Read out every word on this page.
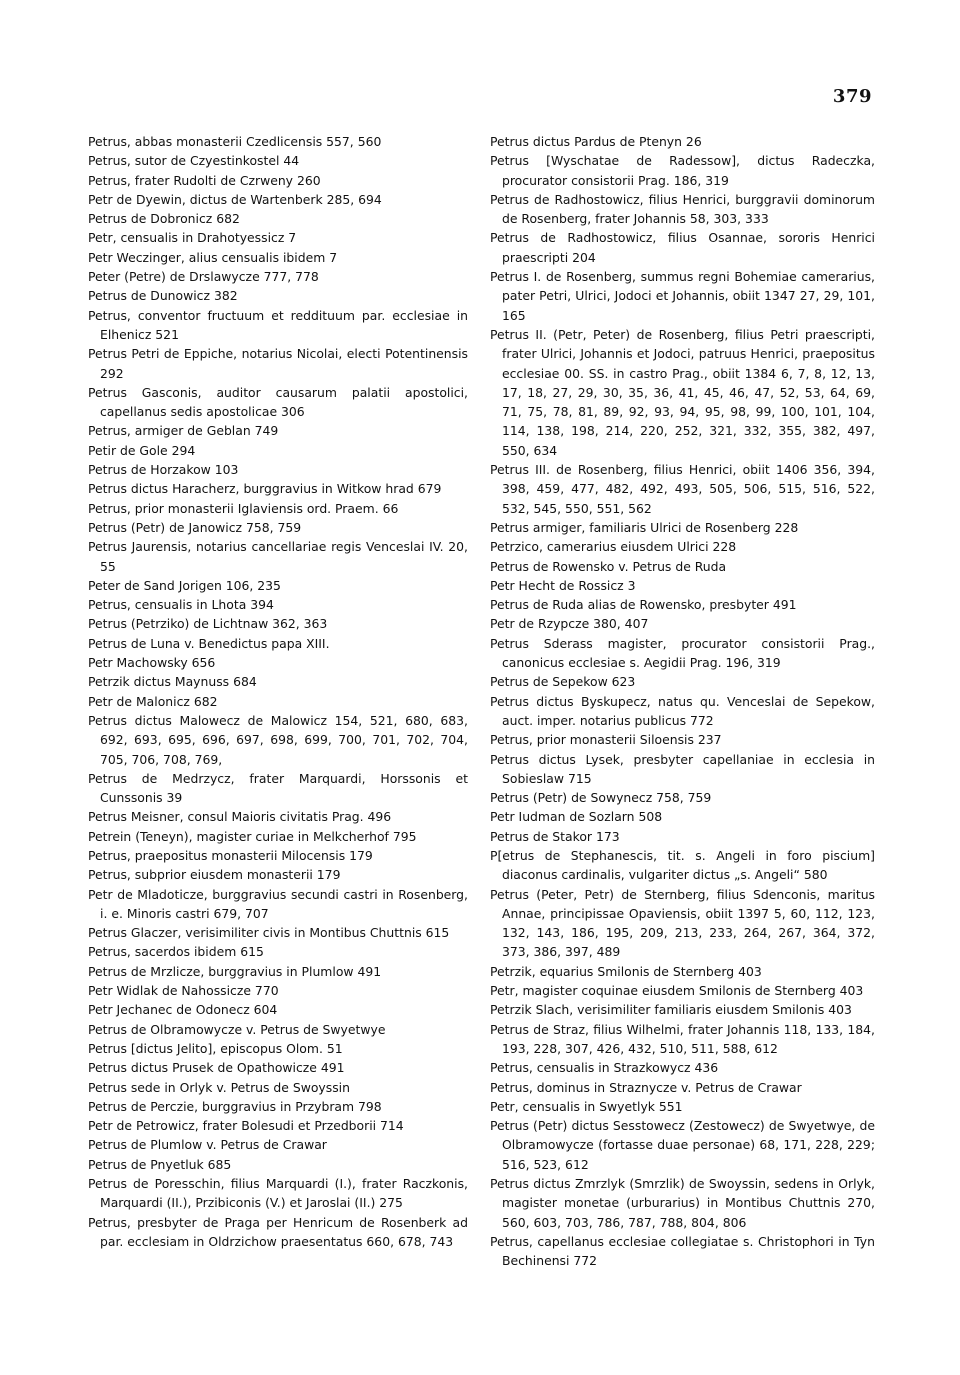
379

Petrus, abbas monasterii Czedlicensis 557, 560

Petrus, sutor de Czyestinkostel 44

Petrus, frater Rudolti de Czrweny 260

Petr de Dyewin, dictus de Wartenberk 285, 694

Petrus de Dobronicz 682

Petr, censualis in Drahotyessicz 7

Petr Weczinger, alius censualis ibidem 7

Peter (Petre) de Drslawycze 777, 778

Petrus de Dunowicz 382

Petrus, conventor fructuum et reddituum par. ecclesiae in Elhenicz 521

Petrus Petri de Eppiche, notarius Nicolai, electi Potentinensis 292

Petrus Gasconis, auditor causarum palatii apostolici, capellanus sedis apostolicae 306

Petrus, armiger de Geblan 749

Petir de Gole 294

Petrus de Horzakow 103

Petrus dictus Haracherz, burggravius in Witkow hrad 679

Petrus, prior monasterii Iglaviensis ord. Praem. 66

Petrus (Petr) de Janowicz 758, 759

Petrus Jaurensis, notarius cancellariae regis Venceslai IV. 20, 55

Peter de Sand Jorigen 106, 235

Petrus, censualis in Lhota 394

Petrus (Petrziko) de Lichtnaw 362, 363

Petrus de Luna v. Benedictus papa XIII.

Petr Machowsky 656

Petrzik dictus Maynuss 684

Petr de Malonicz 682

Petrus dictus Malowecz de Malowicz 154, 521, 680, 683, 692, 693, 695, 696, 697, 698, 699, 700, 701, 702, 704, 705, 706, 708, 769,

Petrus de Medrzycz, frater Marquardi, Horssonis et Cunssonis 39

Petrus Meisner, consul Maioris civitatis Prag. 496

Petrein (Teneyn), magister curiae in Melkcherhof 795

Petrus, praepositus monasterii Milocensis 179

Petrus, subprior eiusdem monasterii 179

Petr de Mladoticze, burggravius secundi castri in Rosenberg, i. e. Minoris castri 679, 707

Petrus Glaczer, verisimiliter civis in Montibus Chuttnis 615

Petrus, sacerdos ibidem 615

Petrus de Mrzlicze, burggravius in Plumlow 491

Petr Widlak de Nahossicze 770

Petr Jechanec de Odonecz 604

Petrus de Olbramowycze v. Petrus de Swyetwye

Petrus [dictus Jelito], episcopus Olom. 51

Petrus dictus Prusek de Opathowicze 491

Petrus sede in Orlyk v. Petrus de Swoyssin

Petrus de Perczie, burggravius in Przybram 798

Petr de Petrowicz, frater Bolesudi et Przedborii 714

Petrus de Plumlow v. Petrus de Crawar

Petrus de Pnyetluk 685

Petrus de Poresschin, filius Marquardi (I.), frater Raczkonis, Marquardi (II.), Przibiconis (V.) et Jaroslai (II.) 275

Petrus, presbyter de Praga per Henricum de Rosenberk ad par. ecclesiam in Oldrzichow praesentatus 660, 678, 743

Petrus dictus Pardus de Ptenyn 26

Petrus [Wyschatae de Radessow], dictus Radeczka, procurator consistorii Prag. 186, 319

Petrus de Radhostowicz, filius Henrici, burggravii dominorum de Rosenberg, frater Johannis 58, 303, 333

Petrus de Radhostowicz, filius Osannae, sororis Henrici praescripti 204

Petrus I. de Rosenberg, summus regni Bohemiae camerarius, pater Petri, Ulrici, Jodoci et Johannis, obiit 1347 27, 29, 101, 165

Petrus II. (Petr, Peter) de Rosenberg, filius Petri praescripti, frater Ulrici, Johannis et Jodoci, patruus Henrici, praepositus ecclesiae 00. SS. in castro Prag., obiit 1384 6, 7, 8, 12, 13, 17, 18, 27, 29, 30, 35, 36, 41, 45, 46, 47, 52, 53, 64, 69, 71, 75, 78, 81, 89, 92, 93, 94, 95, 98, 99, 100, 101, 104, 114, 138, 198, 214, 220, 252, 321, 332, 355, 382, 497, 550, 634

Petrus III. de Rosenberg, filius Henrici, obiit 1406 356, 394, 398, 459, 477, 482, 492, 493, 505, 506, 515, 516, 522, 532, 545, 550, 551, 562

Petrus armiger, familiaris Ulrici de Rosenberg 228

Petrzico, camerarius eiusdem Ulrici 228

Petrus de Rowensko v. Petrus de Ruda

Petr Hecht de Rossicz 3

Petrus de Ruda alias de Rowensko, presbyter 491

Petr de Rzypcze 380, 407

Petrus Sderass magister, procurator consistorii Prag., canonicus ecclesiae s. Aegidii Prag. 196, 319

Petrus de Sepekow 623

Petrus dictus Byskupecz, natus qu. Venceslai de Sepekow, auct. imper. notarius publicus 772

Petrus, prior monasterii Siloensis 237

Petrus dictus Lysek, presbyter capellaniae in ecclesia in Sobieslaw 715

Petrus (Petr) de Sowynecz 758, 759

Petr Iudman de Sozlarn 508

Petrus de Stakor 173

P[etrus de Stephanescis, tit. s. Angeli in foro piscium] diaconus cardinalis, vulgariter dictus „s. Angeli“ 580

Petrus (Peter, Petr) de Sternberg, filius Sdenconis, maritus Annae, principissae Opaviensis, obiit 1397 5, 60, 112, 123, 132, 143, 186, 195, 209, 213, 233, 264, 267, 364, 372, 373, 386, 397, 489

Petrzik, equarius Smilonis de Sternberg 403

Petr, magister coquinae eiusdem Smilonis de Sternberg 403

Petrzik Slach, verisimiliter familiaris eiusdem Smilonis 403

Petrus de Straz, filius Wilhelmi, frater Johannis 118, 133, 184, 193, 228, 307, 426, 432, 510, 511, 588, 612

Petrus, censualis in Strazkowycz 436

Petrus, dominus in Straznycze v. Petrus de Crawar

Petr, censualis in Swyetlyk 551

Petrus (Petr) dictus Sesstowecz (Zestowecz) de Swyetwye, de Olbramowycze (fortasse duae personae) 68, 171, 228, 229; 516, 523, 612

Petrus dictus Zmrzlyk (Smrzlik) de Swoyssin, sedens in Orlyk, magister monetae (urburarius) in Montibus Chuttnis 270, 560, 603, 703, 786, 787, 788, 804, 806

Petrus, capellanus ecclesiae collegiatae s. Christophori in Tyn Bechinensi 772
